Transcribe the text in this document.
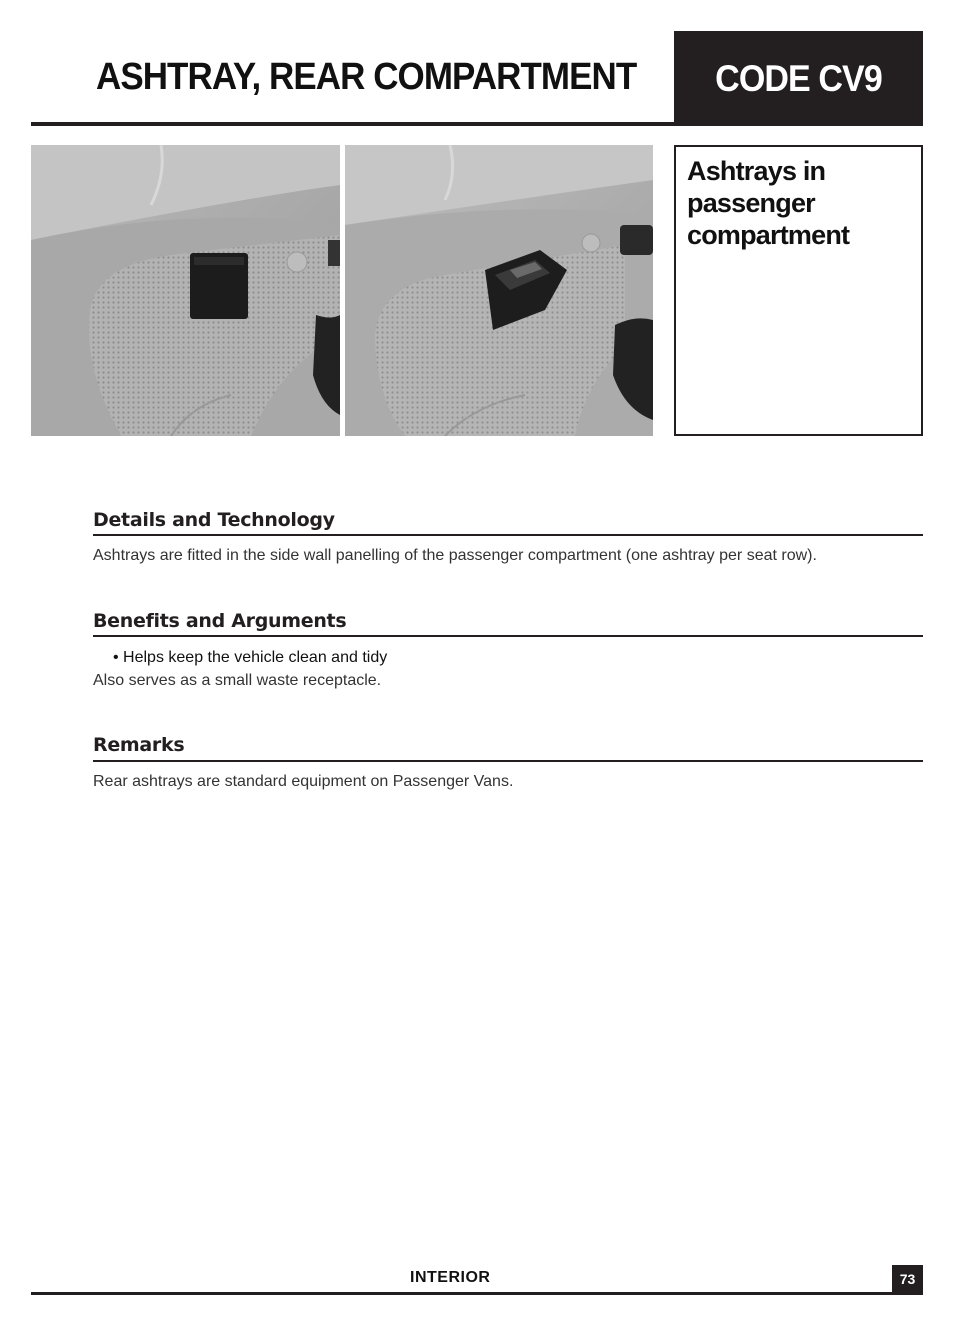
ASHTRAY, REAR COMPARTMENT	CODE CV9
Ashtrays in passenger compartment
Details and Technology
Ashtrays are fitted in the side wall panelling of the passenger compartment (one ashtray per seat row).
Benefits and Arguments
• Helps keep the vehicle clean and tidy
Also serves as a small waste receptacle.
Remarks
Rear ashtrays are standard equipment on Passenger Vans.
INTERIOR	73
